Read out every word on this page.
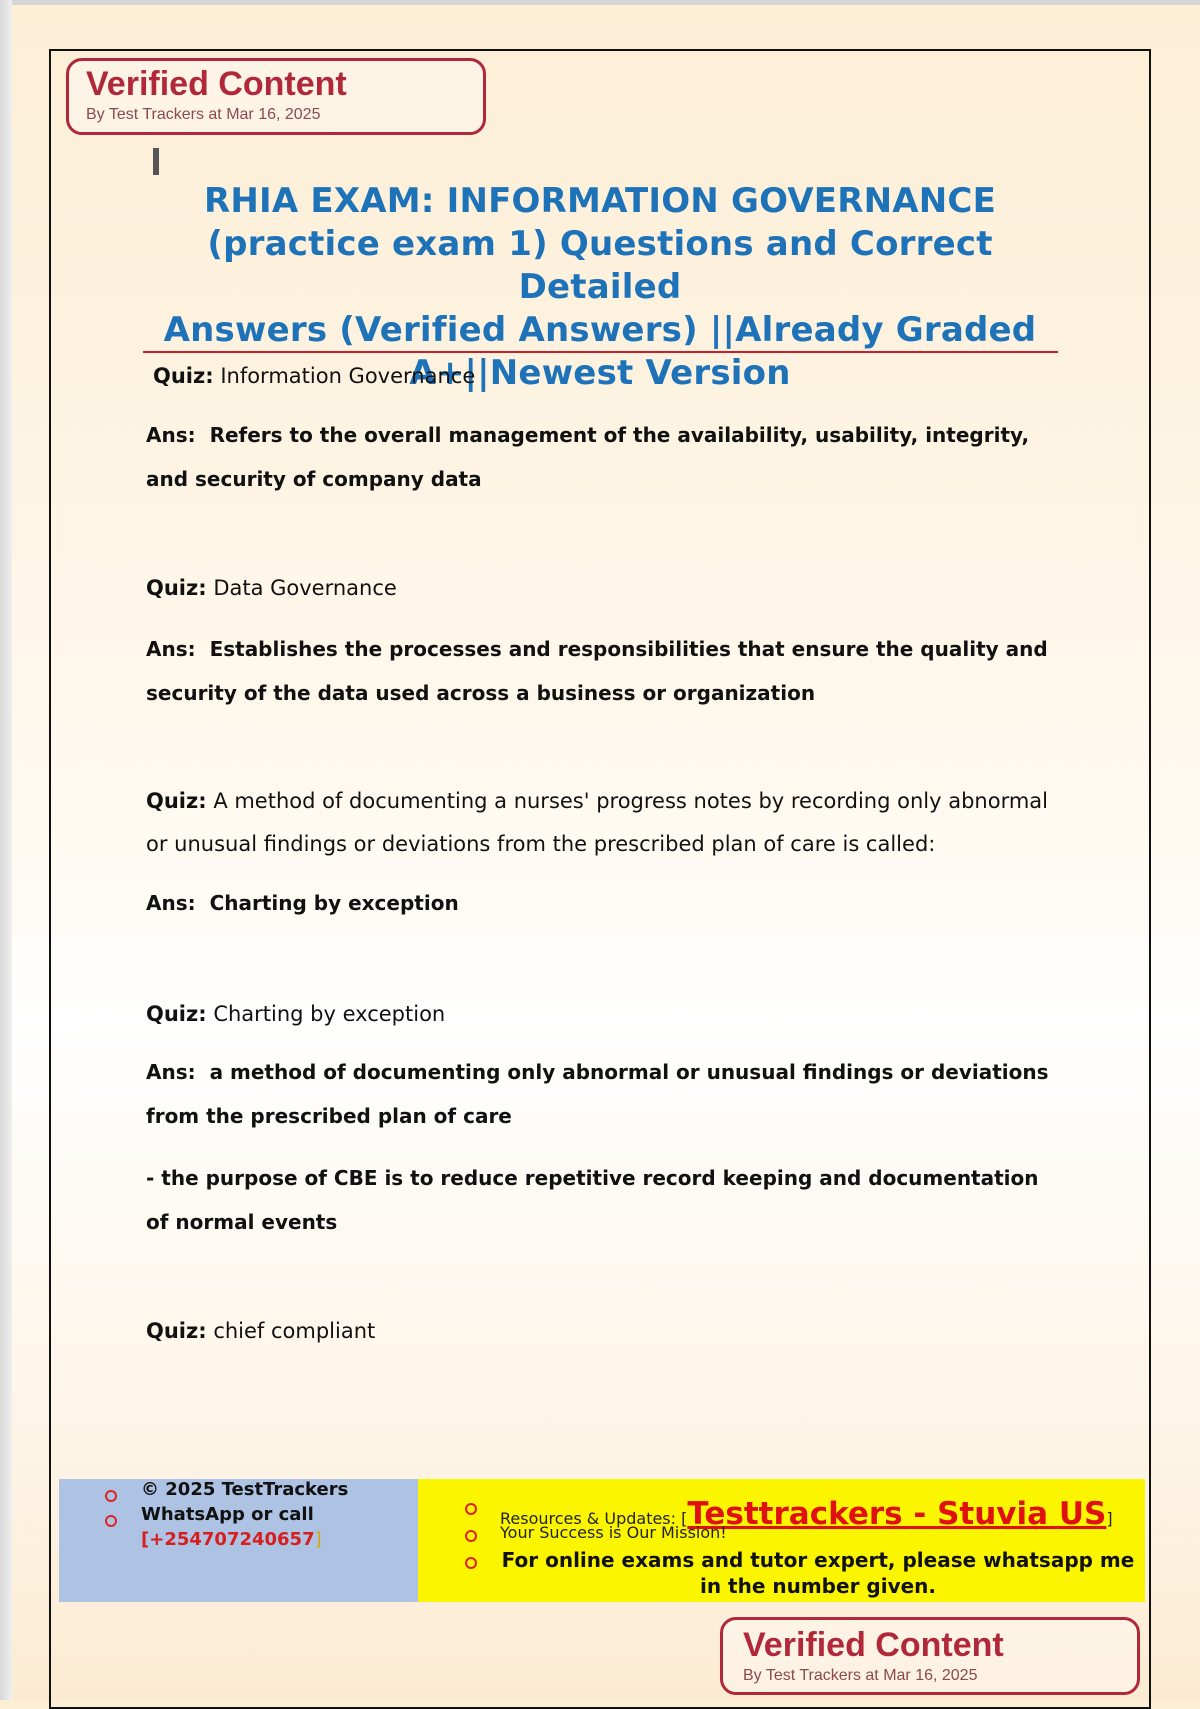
Verified Content
By Test Trackers at Mar 16, 2025
RHIA EXAM: INFORMATION GOVERNANCE
(practice exam 1) Questions and Correct Detailed
Answers (Verified Answers) ||Already Graded
A+||Newest Version

Quiz: Information Governance

Ans: Refers to the overall management of the availability, usability, integrity, and security of company data

Quiz: Data Governance

Ans: Establishes the processes and responsibilities that ensure the quality and security of the data used across a business or organization

Quiz: A method of documenting a nurses' progress notes by recording only abnormal or unusual findings or deviations from the prescribed plan of care is called:

Ans: Charting by exception

Quiz: Charting by exception

Ans: a method of documenting only abnormal or unusual findings or deviations from the prescribed plan of care

- the purpose of CBE is to reduce repetitive record keeping and documentation of normal events

Quiz: chief compliant

© 2025 TestTrackers
WhatsApp or call
[+254707240657]
Resources & Updates: [Testtrackers - Stuvia US]
Your Success is Our Mission!
For online exams and tutor expert, please whatsapp me
in the number given.
Verified Content
By Test Trackers at Mar 16, 2025
